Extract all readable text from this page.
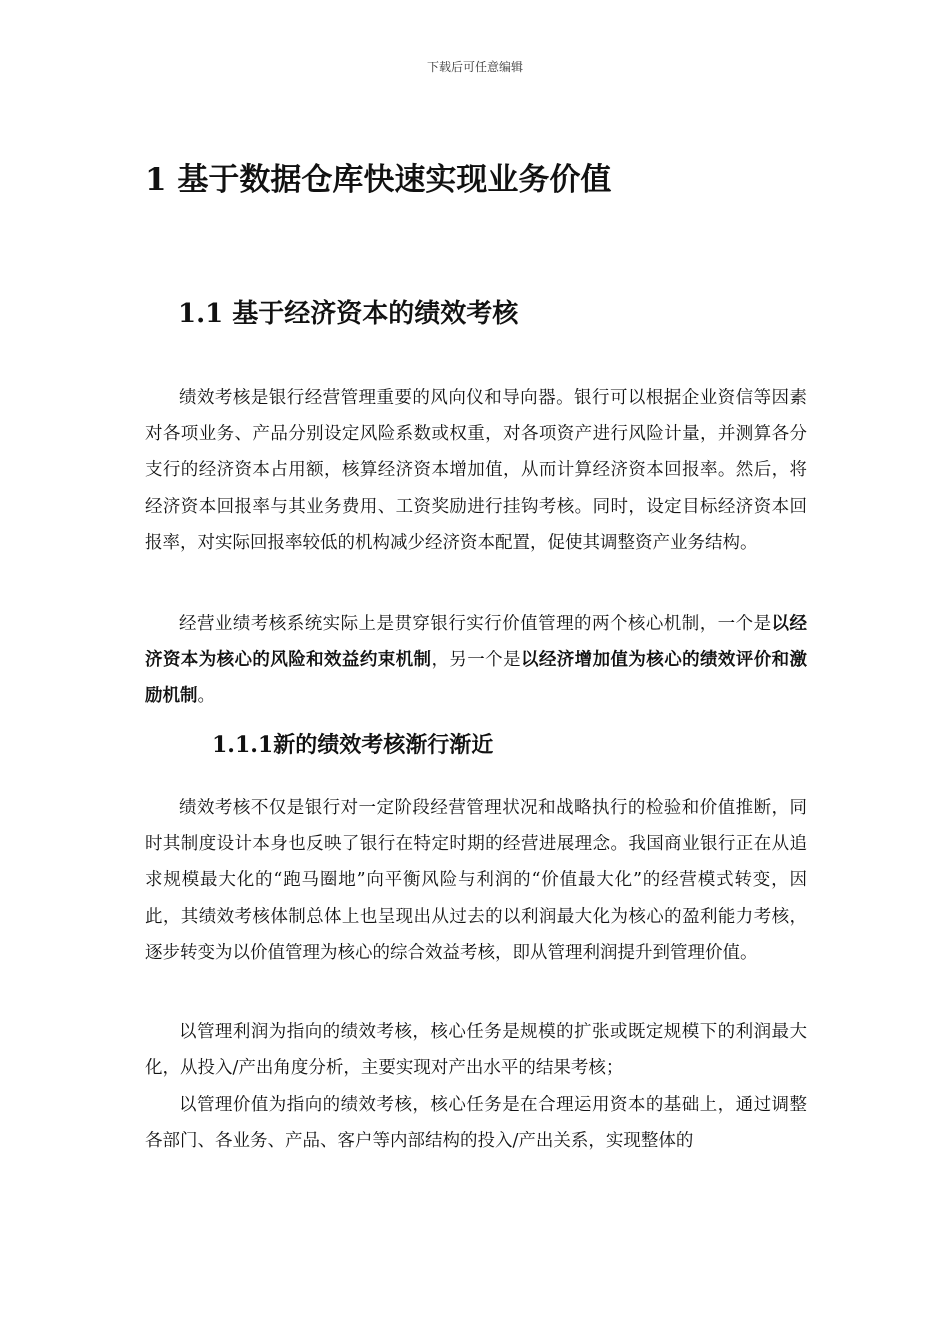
下载后可任意编辑
1 基于数据仓库快速实现业务价值
1.1 基于经济资本的绩效考核

绩效考核是银行经营管理重要的风向仪和导向器。银行可以根据企业资信等因素对各项业务、产品分别设定风险系数或权重，对各项资产进行风险计量，并测算各分支行的经济资本占用额，核算经济资本增加值，从而计算经济资本回报率。然后，将经济资本回报率与其业务费用、工资奖励进行挂钩考核。同时，设定目标经济资本回报率，对实际回报率较低的机构减少经济资本配置，促使其调整资产业务结构。

经营业绩考核系统实际上是贯穿银行实行价值管理的两个核心机制，一个是以经济资本为核心的风险和效益约束机制，另一个是以经济增加值为核心的绩效评价和激励机制。

1.1.1新的绩效考核渐行渐近

绩效考核不仅是银行对一定阶段经营管理状况和战略执行的检验和价值推断，同时其制度设计本身也反映了银行在特定时期的经营进展理念。我国商业银行正在从追求规模最大化的“跑马圈地”向平衡风险与利润的“价值最大化”的经营模式转变，因此，其绩效考核体制总体上也呈现出从过去的以利润最大化为核心的盈利能力考核，逐步转变为以价值管理为核心的综合效益考核，即从管理利润提升到管理价值。

以管理利润为指向的绩效考核，核心任务是规模的扩张或既定规模下的利润最大化，从投入/产出角度分析，主要实现对产出水平的结果考核；

以管理价值为指向的绩效考核，核心任务是在合理运用资本的基础上，通过调整各部门、各业务、产品、客户等内部结构的投入/产出关系，实现整体的
